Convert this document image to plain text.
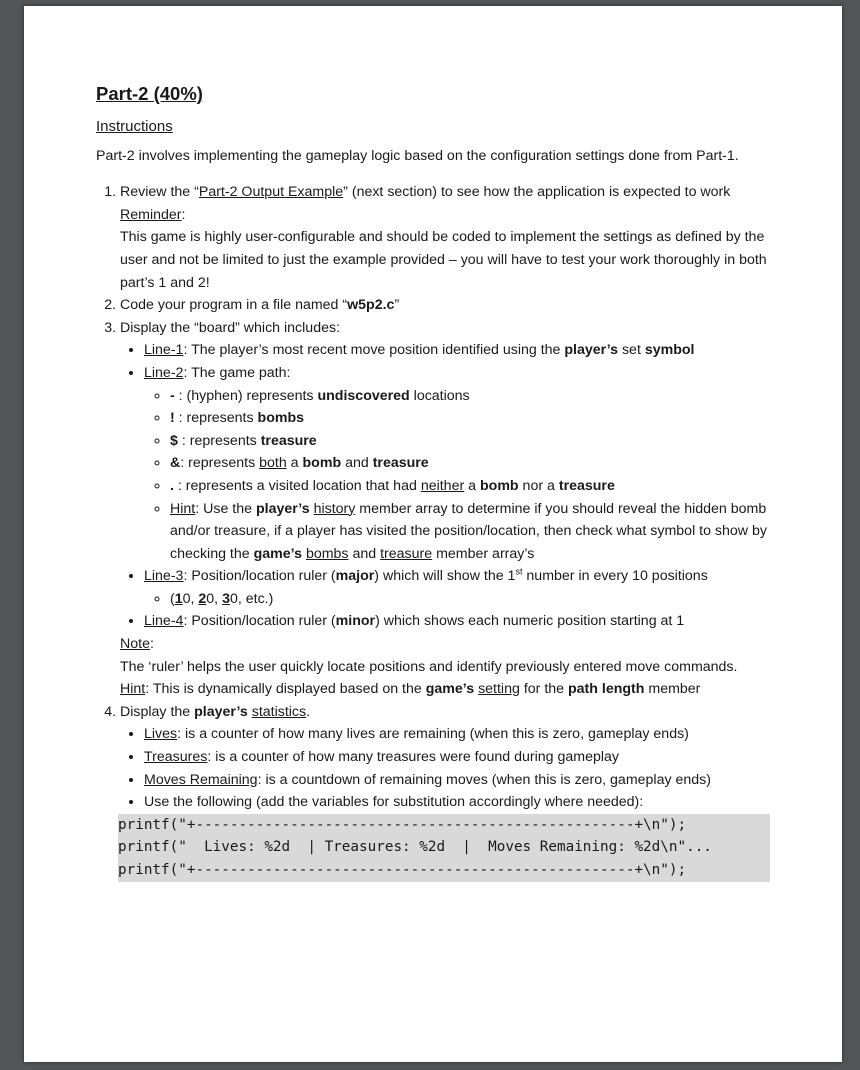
Part-2 (40%)
Instructions
Part-2 involves implementing the gameplay logic based on the configuration settings done from Part-1.
1. Review the “Part-2 Output Example” (next section) to see how the application is expected to work
Reminder:
This game is highly user-configurable and should be coded to implement the settings as defined by the user and not be limited to just the example provided – you will have to test your work thoroughly in both part’s 1 and 2!
2. Code your program in a file named “w5p2.c”
3. Display the “board” which includes:
• Line-1: The player’s most recent move position identified using the player’s set symbol
• Line-2: The game path:
◦ - : (hyphen) represents undiscovered locations
◦ ! : represents bombs
◦ $ : represents treasure
◦ &: represents both a bomb and treasure
◦ . : represents a visited location that had neither a bomb nor a treasure
◦ Hint: Use the player’s history member array to determine if you should reveal the hidden bomb and/or treasure, if a player has visited the position/location, then check what symbol to show by checking the game’s bombs and treasure member array’s
• Line-3: Position/location ruler (major) which will show the 1st number in every 10 positions
◦ (10, 20, 30, etc.)
• Line-4: Position/location ruler (minor) which shows each numeric position starting at 1
Note:
The ‘ruler’ helps the user quickly locate positions and identify previously entered move commands.
Hint: This is dynamically displayed based on the game’s setting for the path length member
4. Display the player’s statistics.
• Lives: is a counter of how many lives are remaining (when this is zero, gameplay ends)
• Treasures: is a counter of how many treasures were found during gameplay
• Moves Remaining: is a countdown of remaining moves (when this is zero, gameplay ends)
• Use the following (add the variables for substitution accordingly where needed):
printf("+---------------------------------------------------+\n");
printf("  Lives: %2d  | Treasures: %2d  |  Moves Remaining: %2d\n"...
printf("+---------------------------------------------------+\n");
